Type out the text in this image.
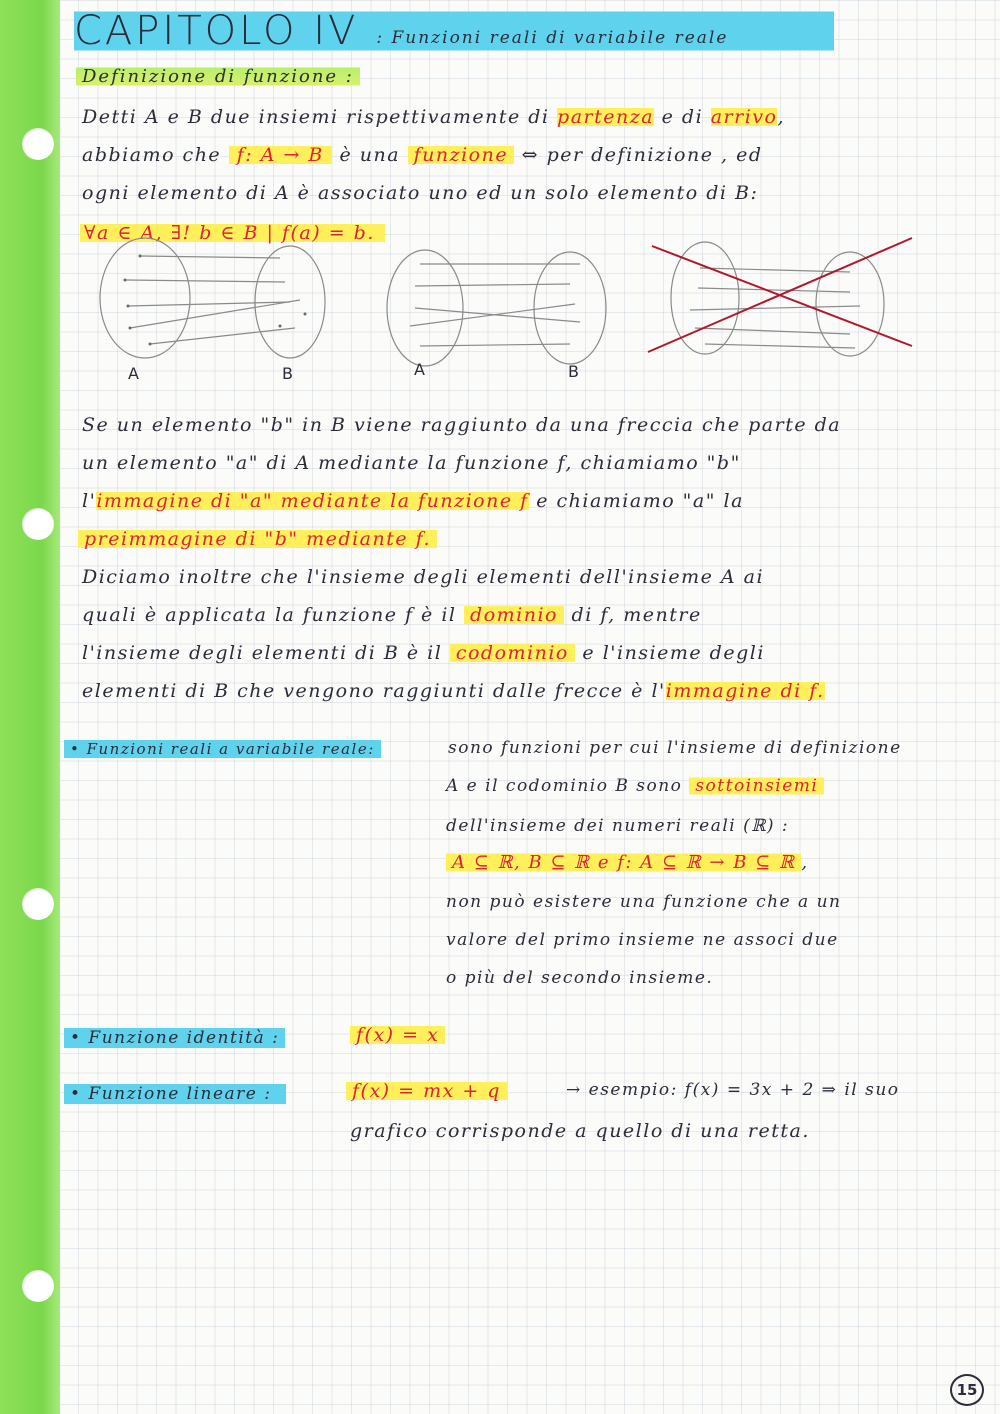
CAPITOLO IV : Funzioni reali di variabile reale
Definizione di funzione :
Detti A e B due insiemi rispettivamente di partenza e di arrivo,
abbiamo che f: A → B è una funzione ⇔ per definizione , ed
ogni elemento di A è associato uno ed un solo elemento di B:
∀a ∈ A, ∃! b ∈ B | f(a) = b.
A	B	A	B
Se un elemento "b" in B viene raggiunto da una freccia che parte da
un elemento "a" di A mediante la funzione f, chiamiamo "b"
l'immagine di "a" mediante la funzione f e chiamiamo "a" la
preimmagine di "b" mediante f.
Diciamo inoltre che l'insieme degli elementi dell'insieme A ai
quali è applicata la funzione f è il dominio di f, mentre
l'insieme degli elementi di B è il codominio e l'insieme degli
elementi di B che vengono raggiunti dalle frecce è l'immagine di f.
• Funzioni reali a variabile reale:	sono funzioni per cui l'insieme di definizione
A e il codominio B sono sottoinsiemi
dell'insieme dei numeri reali (ℝ) :
A ⊆ ℝ, B ⊆ ℝ e f: A ⊆ ℝ → B ⊆ ℝ ,
non può esistere una funzione che a un
valore del primo insieme ne associ due
o più del secondo insieme.
• Funzione identità :	f(x) = x
• Funzione lineare :	f(x) = mx + q	→ esempio: f(x) = 3x + 2 ⇒ il suo
grafico corrisponde a quello di una retta.
15
